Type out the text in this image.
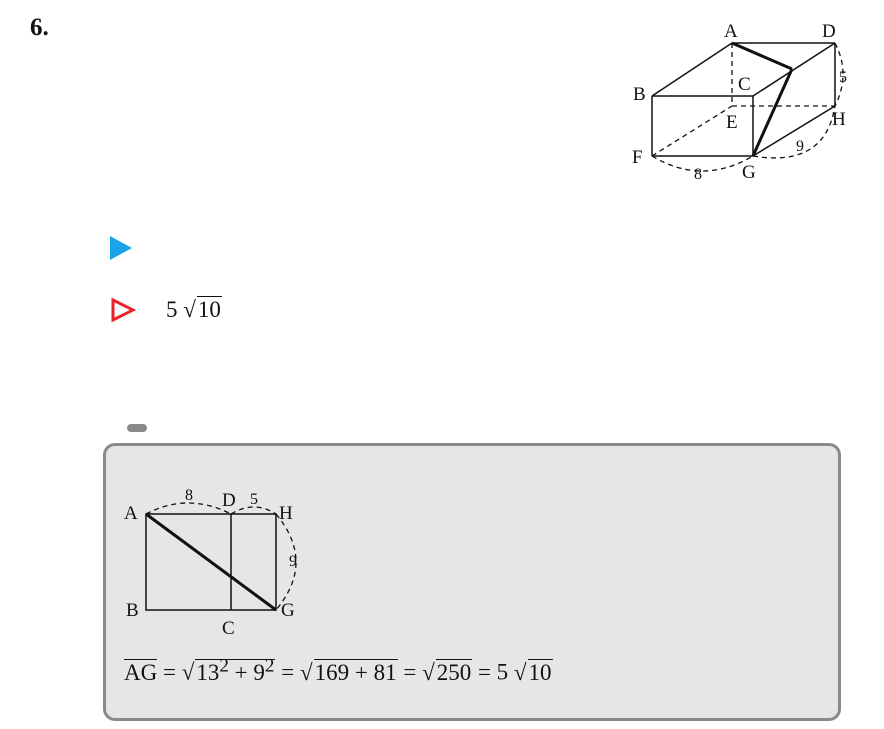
6.	A	D
B	C
E
F
G
H
8
9
5
5 √10
A
D
H
B
C
G
8	5
9
AG = $√13^2 + 9^2 = √169 + 81 = √250 = 5$ √10
